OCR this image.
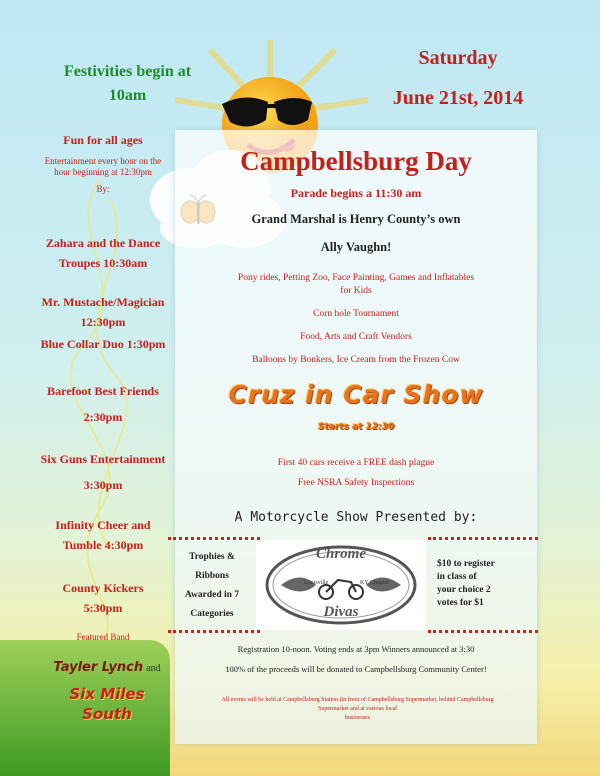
Festivities begin at
10am
Saturday
June 21st, 2014
Fun for all ages
Entertainment every hour on the
hour beginning at 12:30pm
By:
Zahara and the Dance
Troupes 10:30am
Mr. Mustache/Magician
12:30pm
Blue Collar Duo 1:30pm
Barefoot Best Friends
2:30pm
Six Guns Entertainment
3:30pm
Infinity Cheer and
Tumble 4:30pm
County Kickers
5:30pm
Featured Band
Tayler Lynch and
Six Miles
South
Campbellsburg Day
Parade begins a 11:30 am
Grand Marshal is Henry County’s own
Ally Vaughn!
Pony rides, Petting Zoo, Face Painting, Games and Inflatables
for Kids
Corn hole Tournament
Food, Arts and Craft Vendors
Balloons by Bonkers, Ice Cream from the Frozen Cow
Cruz in Car Show
Starts at 12:30
First 40 cars receive a FREE dash plague
Free NSRA Safety Inspections
A Motorcycle Show Presented by:
Trophies &
Ribbons
Awarded in 7
Categories
Chrome
Divas
Louisville	KY Chapter
$10 to register
in class of
your choice 2
votes for $1
Registration 10-noon. Voting ends at 3pm Winners announced at 3:30
100% of the proceeds will be donated to Campbellsburg Community Center!
All events will be held at Campbellsburg Station (in front of Campbellsburg Supermarket, behind Campbellsburg
Supermarket and at various local
businesses
